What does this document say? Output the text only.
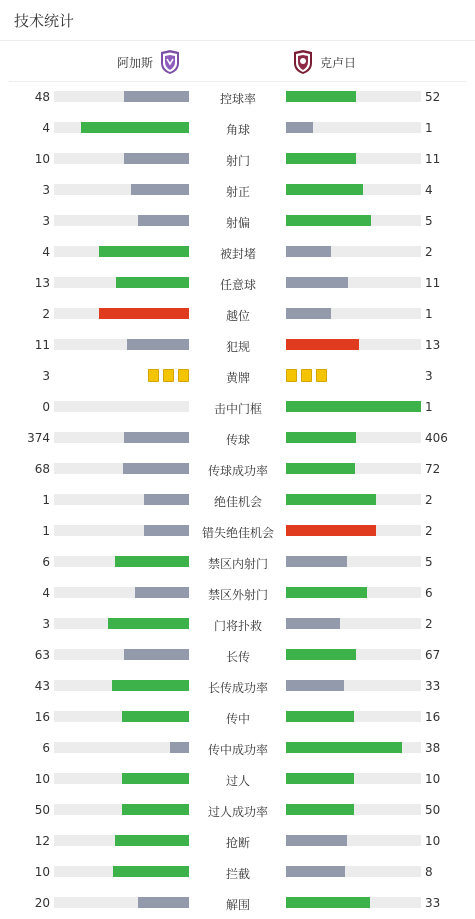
技术统计
阿加斯	克卢日
48	控球率	52
4	角球	1
10	射门	11
3	射正	4
3	射偏	5
4	被封堵	2
13	任意球	11
2	越位	1
11	犯规	13
3	黄牌	3
0	击中门框	1
374	传球	406
68	传球成功率	72
1	绝佳机会	2
1	错失绝佳机会	2
6	禁区内射门	5
4	禁区外射门	6
3	门将扑救	2
63	长传	67
43	长传成功率	33
16	传中	16
6	传中成功率	38
10	过人	10
50	过人成功率	50
12	抢断	10
10	拦截	8
20	解围	33
